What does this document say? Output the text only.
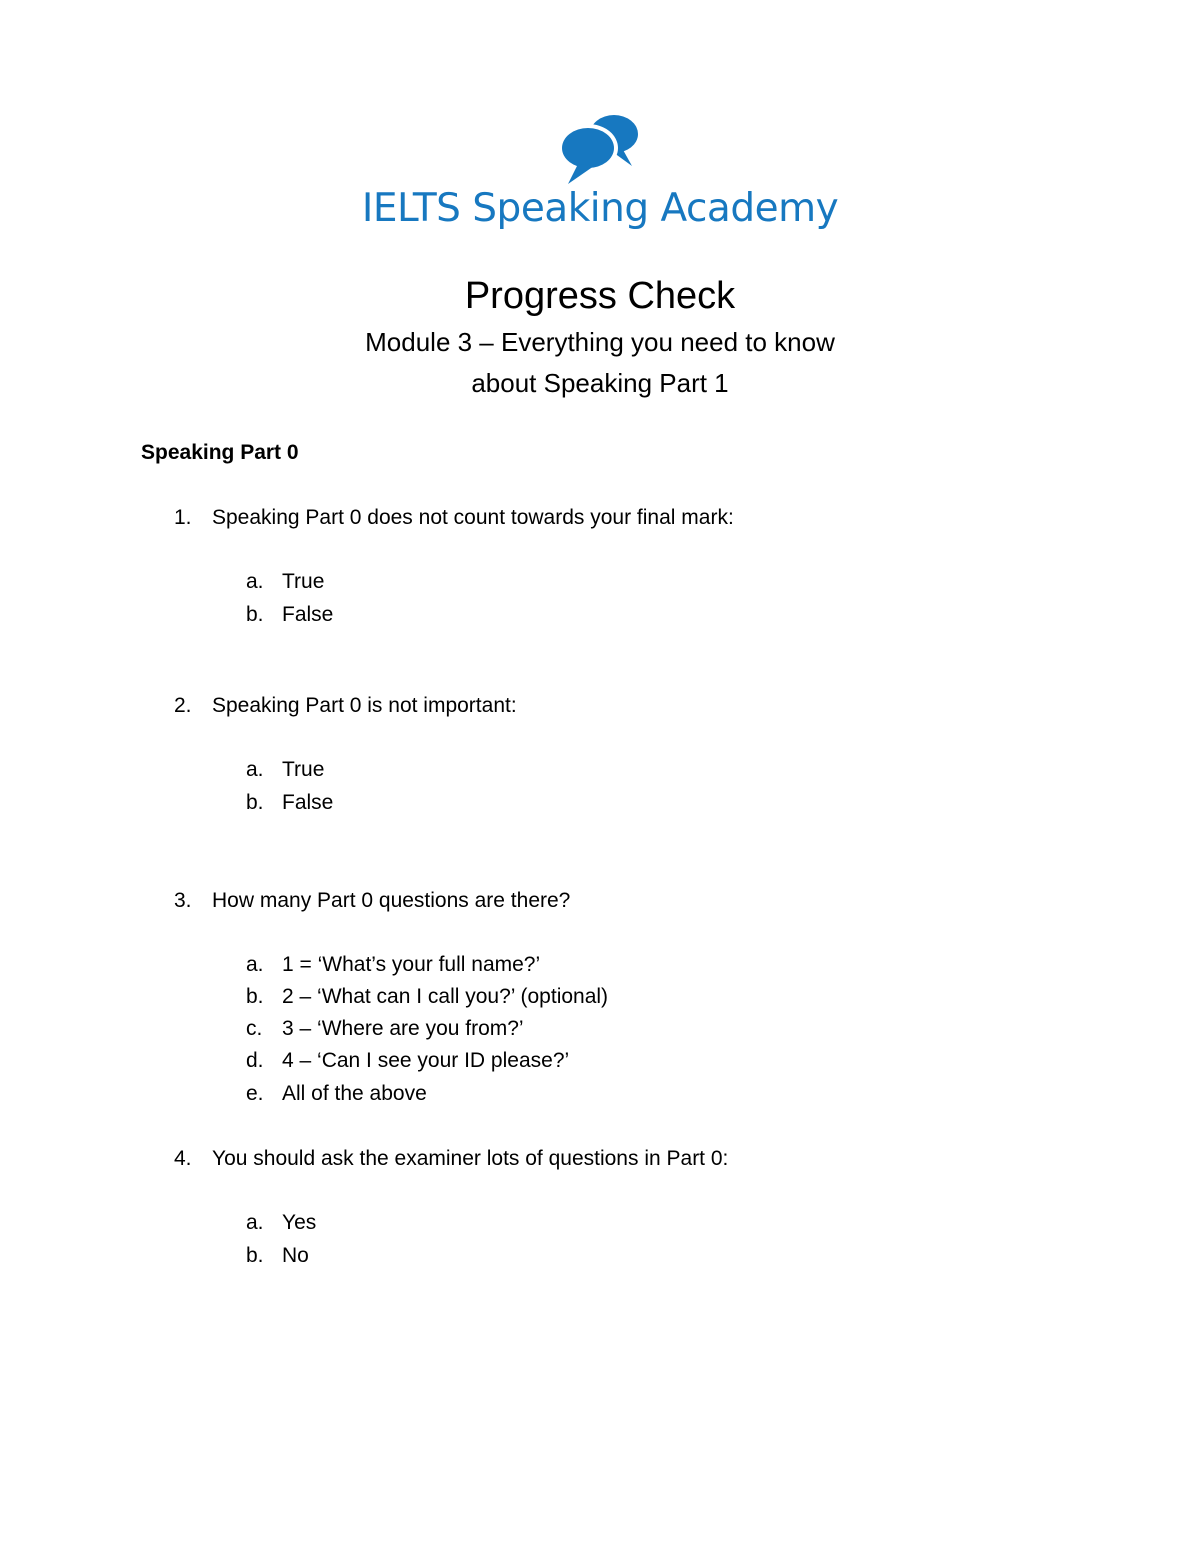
IELTS Speaking Academy
Progress Check
Module 3 – Everything you need to know
about Speaking Part 1
Speaking Part 0
1. Speaking Part 0 does not count towards your final mark:
a. True
b. False
2. Speaking Part 0 is not important:
a. True
b. False
3. How many Part 0 questions are there?
a. 1 = ‘What’s your full name?’
b. 2 – ‘What can I call you?’ (optional)
c. 3 – ‘Where are you from?’
d. 4 – ‘Can I see your ID please?’
e. All of the above
4. You should ask the examiner lots of questions in Part 0:
a. Yes
b. No
